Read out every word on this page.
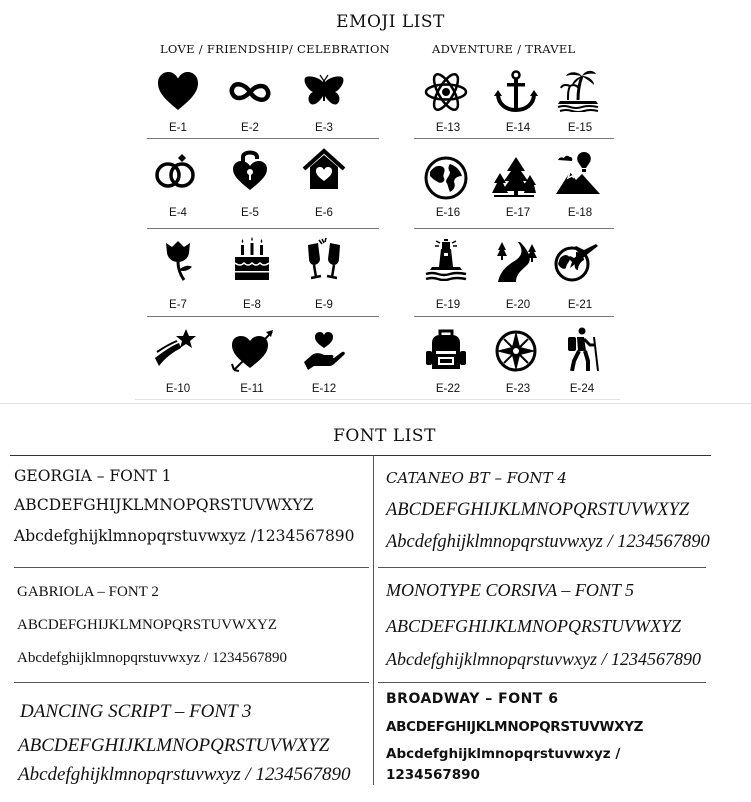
EMOJI LIST
LOVE / FRIENDSHIP/ CELEBRATION	ADVENTURE / TRAVEL
E-1	E-2	E-3
E-4	E-5	E-6
E-7	E-8	E-9
E-10	E-11	E-12
E-13	E-14	E-15
E-16	E-17	E-18
E-19	E-20	E-21
E-22	E-23	E-24
FONT LIST
GEORGIA – FONT 1
ABCDEFGHIJKLMNOPQRSTUVWXYZ
Abcdefghijklmnopqrstuvwxyz /1234567890
GABRIOLA – FONT 2
ABCDEFGHIJKLMNOPQRSTUVWXYZ
Abcdefghijklmnopqrstuvwxyz / 1234567890
DANCING SCRIPT – FONT 3
ABCDEFGHIJKLMNOPQRSTUVWXYZ
Abcdefghijklmnopqrstuvwxyz / 1234567890
CATANEO BT – FONT 4
ABCDEFGHIJKLMNOPQRSTUVWXYZ
Abcdefghijklmnopqrstuvwxyz / 1234567890
MONOTYPE CORSIVA – FONT 5
ABCDEFGHIJKLMNOPQRSTUVWXYZ
Abcdefghijklmnopqrstuvwxyz / 1234567890
BROADWAY – FONT 6
ABCDEFGHIJKLMNOPQRSTUVWXYZ
Abcdefghijklmnopqrstuvwxyz /
1234567890
